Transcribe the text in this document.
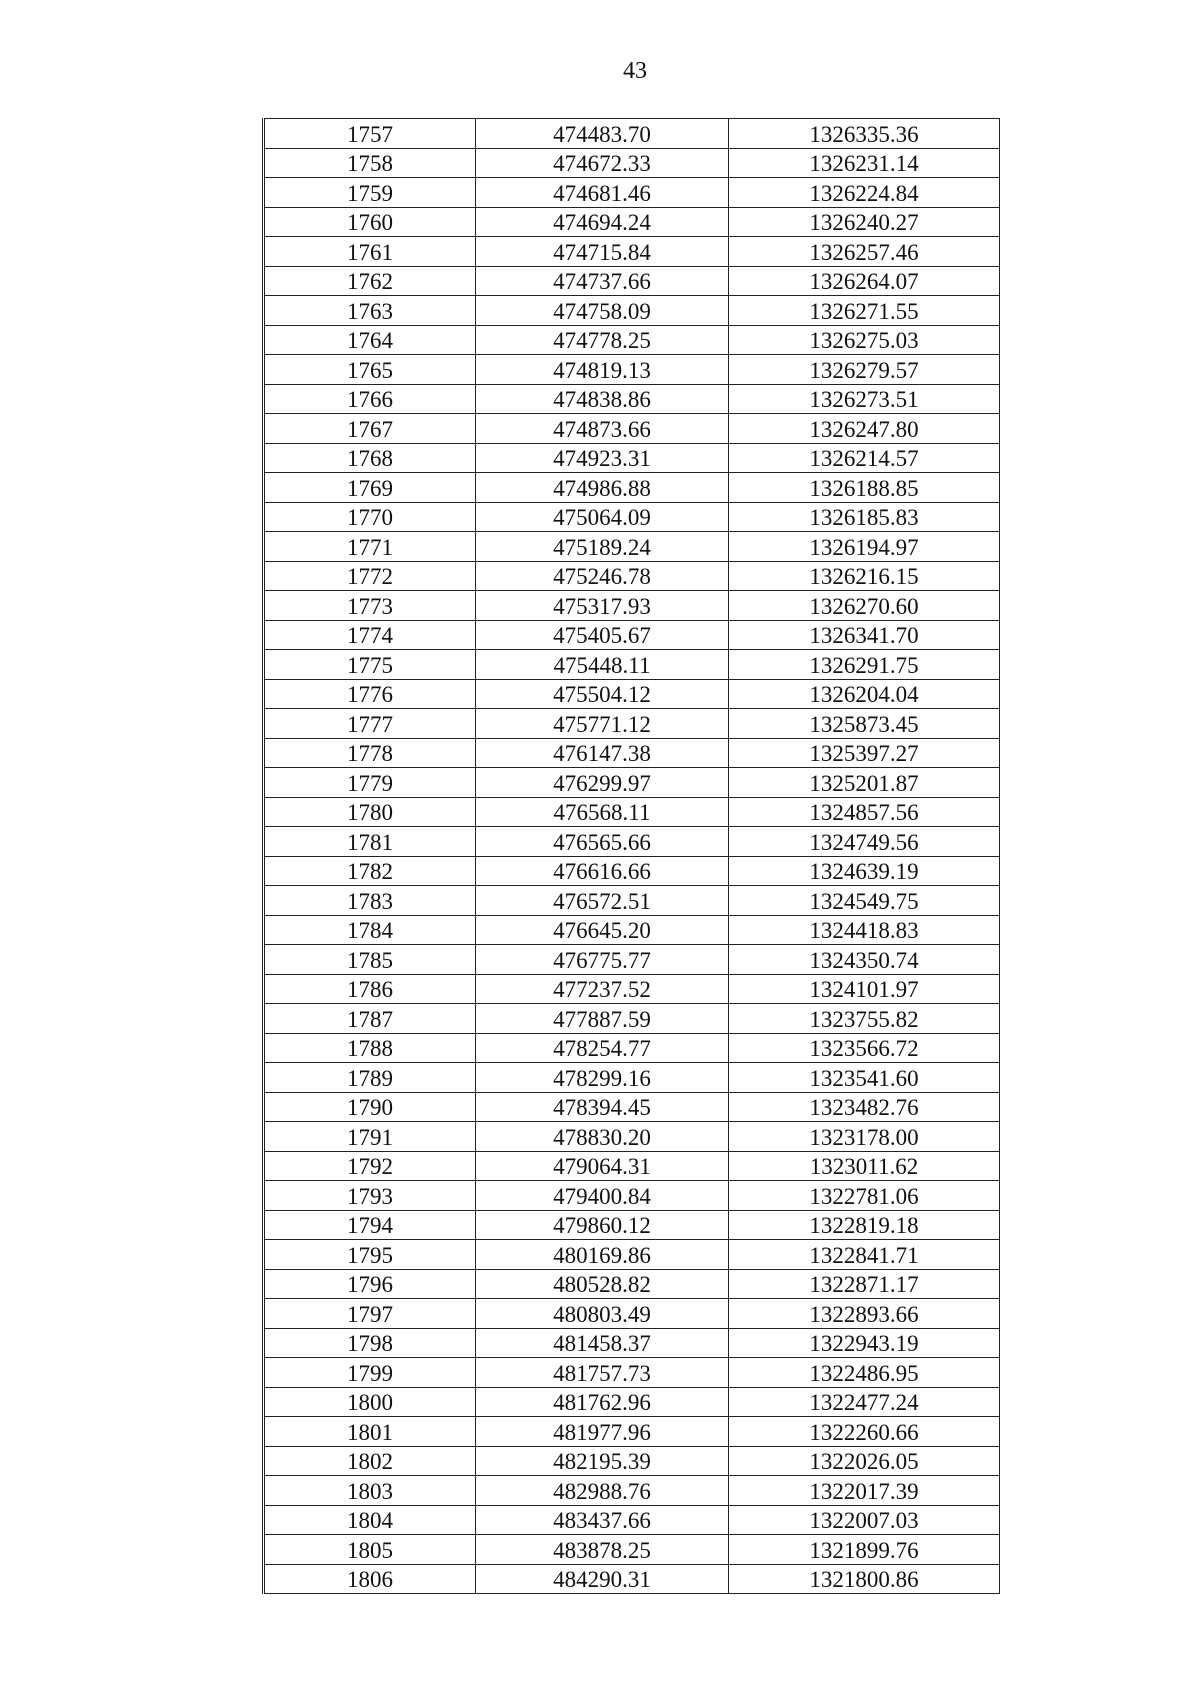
43
1757	474483.70	1326335.36
1758	474672.33	1326231.14
1759	474681.46	1326224.84
1760	474694.24	1326240.27
1761	474715.84	1326257.46
1762	474737.66	1326264.07
1763	474758.09	1326271.55
1764	474778.25	1326275.03
1765	474819.13	1326279.57
1766	474838.86	1326273.51
1767	474873.66	1326247.80
1768	474923.31	1326214.57
1769	474986.88	1326188.85
1770	475064.09	1326185.83
1771	475189.24	1326194.97
1772	475246.78	1326216.15
1773	475317.93	1326270.60
1774	475405.67	1326341.70
1775	475448.11	1326291.75
1776	475504.12	1326204.04
1777	475771.12	1325873.45
1778	476147.38	1325397.27
1779	476299.97	1325201.87
1780	476568.11	1324857.56
1781	476565.66	1324749.56
1782	476616.66	1324639.19
1783	476572.51	1324549.75
1784	476645.20	1324418.83
1785	476775.77	1324350.74
1786	477237.52	1324101.97
1787	477887.59	1323755.82
1788	478254.77	1323566.72
1789	478299.16	1323541.60
1790	478394.45	1323482.76
1791	478830.20	1323178.00
1792	479064.31	1323011.62
1793	479400.84	1322781.06
1794	479860.12	1322819.18
1795	480169.86	1322841.71
1796	480528.82	1322871.17
1797	480803.49	1322893.66
1798	481458.37	1322943.19
1799	481757.73	1322486.95
1800	481762.96	1322477.24
1801	481977.96	1322260.66
1802	482195.39	1322026.05
1803	482988.76	1322017.39
1804	483437.66	1322007.03
1805	483878.25	1321899.76
1806	484290.31	1321800.86
